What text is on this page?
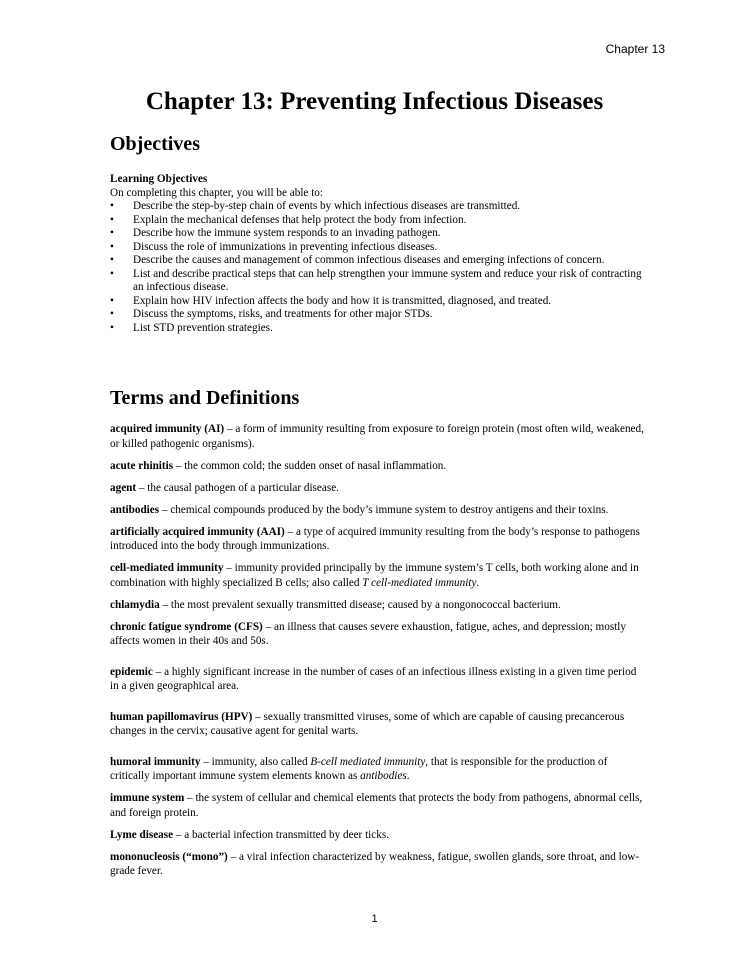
Chapter 13
Chapter 13: Preventing Infectious Diseases
Objectives
Learning Objectives
On completing this chapter, you will be able to:
• Describe the step-by-step chain of events by which infectious diseases are transmitted.
• Explain the mechanical defenses that help protect the body from infection.
• Describe how the immune system responds to an invading pathogen.
• Discuss the role of immunizations in preventing infectious diseases.
• Describe the causes and management of common infectious diseases and emerging infections of concern.
• List and describe practical steps that can help strengthen your immune system and reduce your risk of contracting an infectious disease.
• Explain how HIV infection affects the body and how it is transmitted, diagnosed, and treated.
• Discuss the symptoms, risks, and treatments for other major STDs.
• List STD prevention strategies.
Terms and Definitions

acquired immunity (AI) – a form of immunity resulting from exposure to foreign protein (most often wild, weakened, or killed pathogenic organisms).

acute rhinitis – the common cold; the sudden onset of nasal inflammation.

agent – the causal pathogen of a particular disease.

antibodies – chemical compounds produced by the body’s immune system to destroy antigens and their toxins.

artificially acquired immunity (AAI) – a type of acquired immunity resulting from the body’s response to pathogens introduced into the body through immunizations.

cell-mediated immunity – immunity provided principally by the immune system’s T cells, both working alone and in combination with highly specialized B cells; also called T cell-mediated immunity.

chlamydia – the most prevalent sexually transmitted disease; caused by a nongonococcal bacterium.

chronic fatigue syndrome (CFS) – an illness that causes severe exhaustion, fatigue, aches, and depression; mostly affects women in their 40s and 50s.

epidemic – a highly significant increase in the number of cases of an infectious illness existing in a given time period in a given geographical area.

human papillomavirus (HPV) – sexually transmitted viruses, some of which are capable of causing precancerous changes in the cervix; causative agent for genital warts.

humoral immunity – immunity, also called B-cell mediated immunity, that is responsible for the production of critically important immune system elements known as antibodies.

immune system – the system of cellular and chemical elements that protects the body from pathogens, abnormal cells, and foreign protein.

Lyme disease – a bacterial infection transmitted by deer ticks.

mononucleosis (“mono”) – a viral infection characterized by weakness, fatigue, swollen glands, sore throat, and low-grade fever.

1
